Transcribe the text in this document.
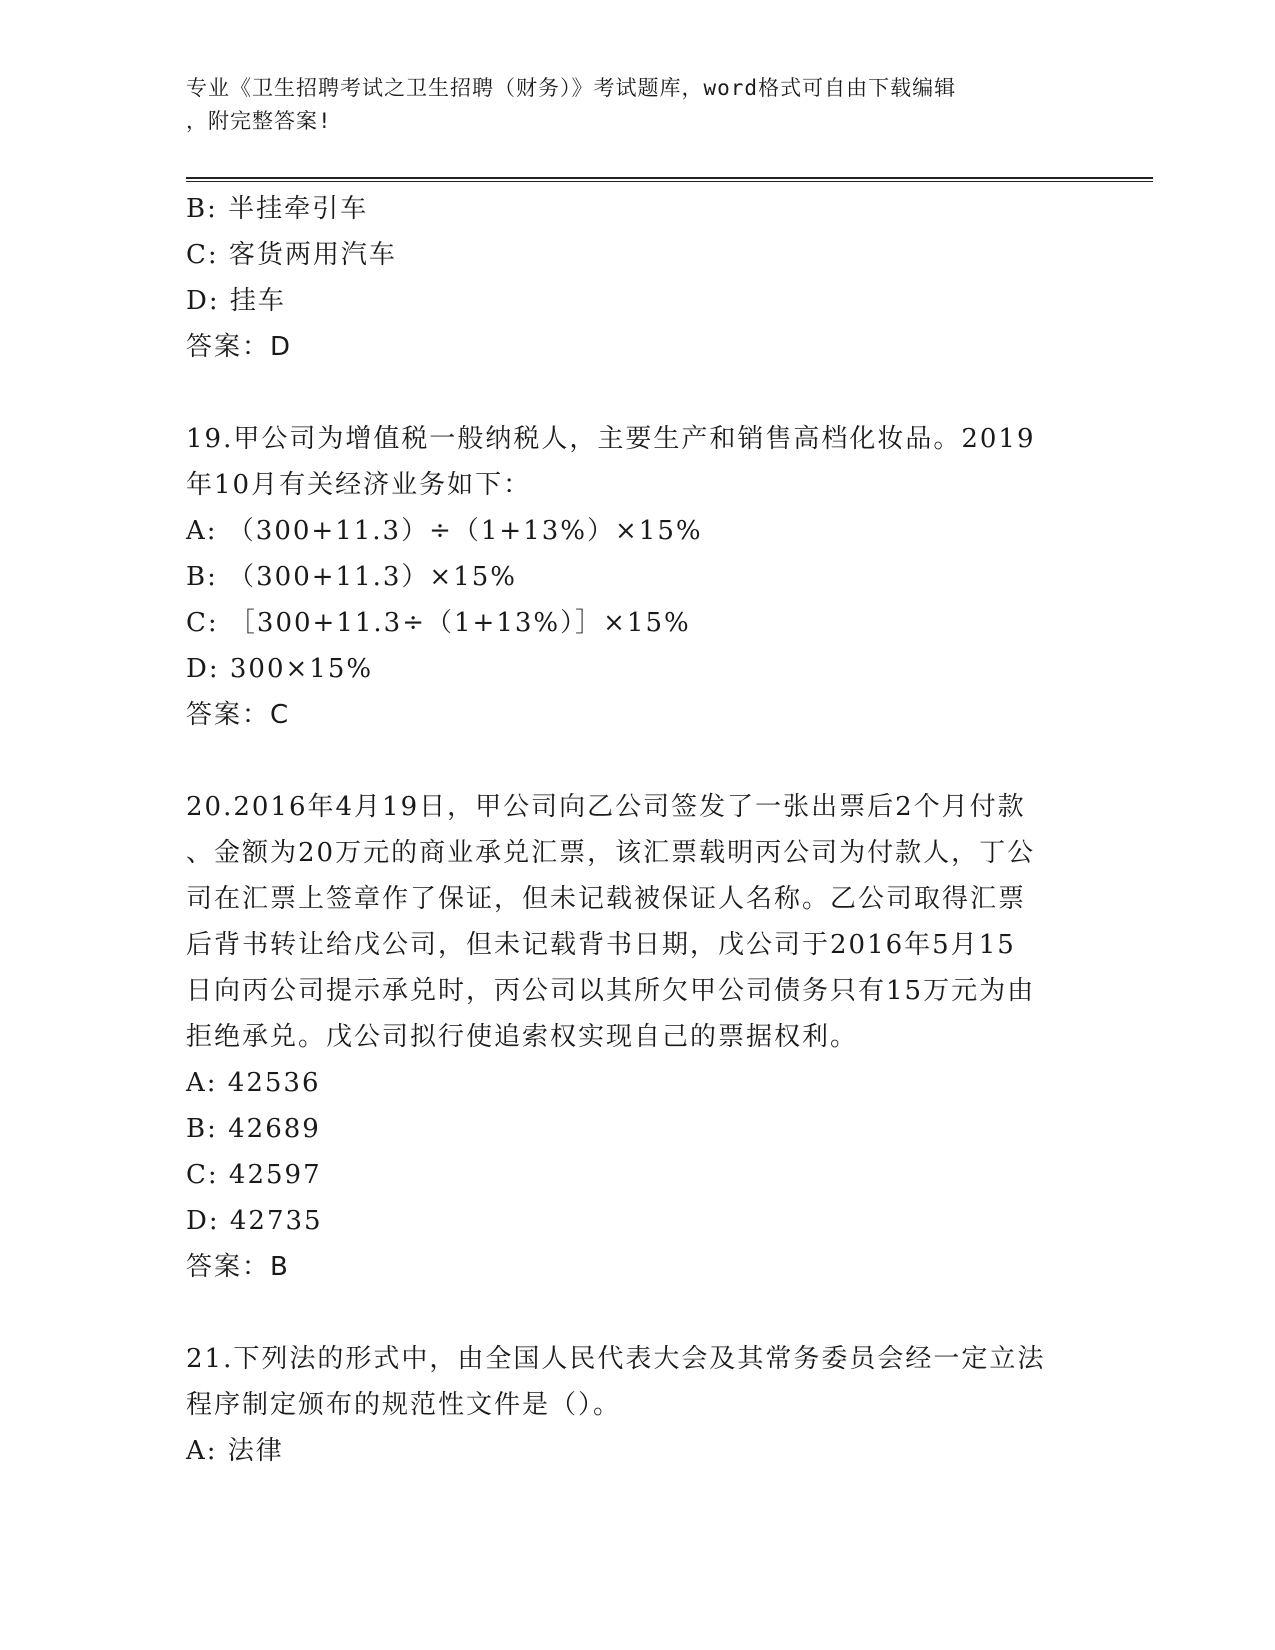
专业《卫生招聘考试之卫生招聘（财务）》考试题库，word格式可自由下载编辑
，附完整答案!
B: 半挂牵引车
C: 客货两用汽车
D: 挂车
答案：D
19.甲公司为增值税一般纳税人，主要生产和销售高档化妆品。2019
年10月有关经济业务如下：
A: （300+11.3）÷（1+13%）×15%
B: （300+11.3）×15%
C: ［300+11.3÷（1+13%）］×15%
D: 300×15%
答案：C
20.2016年4月19日，甲公司向乙公司签发了一张出票后2个月付款
、金额为20万元的商业承兑汇票，该汇票载明丙公司为付款人，丁公
司在汇票上签章作了保证，但未记载被保证人名称。乙公司取得汇票
后背书转让给戊公司，但未记载背书日期，戊公司于2016年5月15
日向丙公司提示承兑时，丙公司以其所欠甲公司债务只有15万元为由
拒绝承兑。戊公司拟行使追索权实现自己的票据权利。
A: 42536
B: 42689
C: 42597
D: 42735
答案：B
21.下列法的形式中，由全国人民代表大会及其常务委员会经一定立法
程序制定颁布的规范性文件是（）。
A: 法律
